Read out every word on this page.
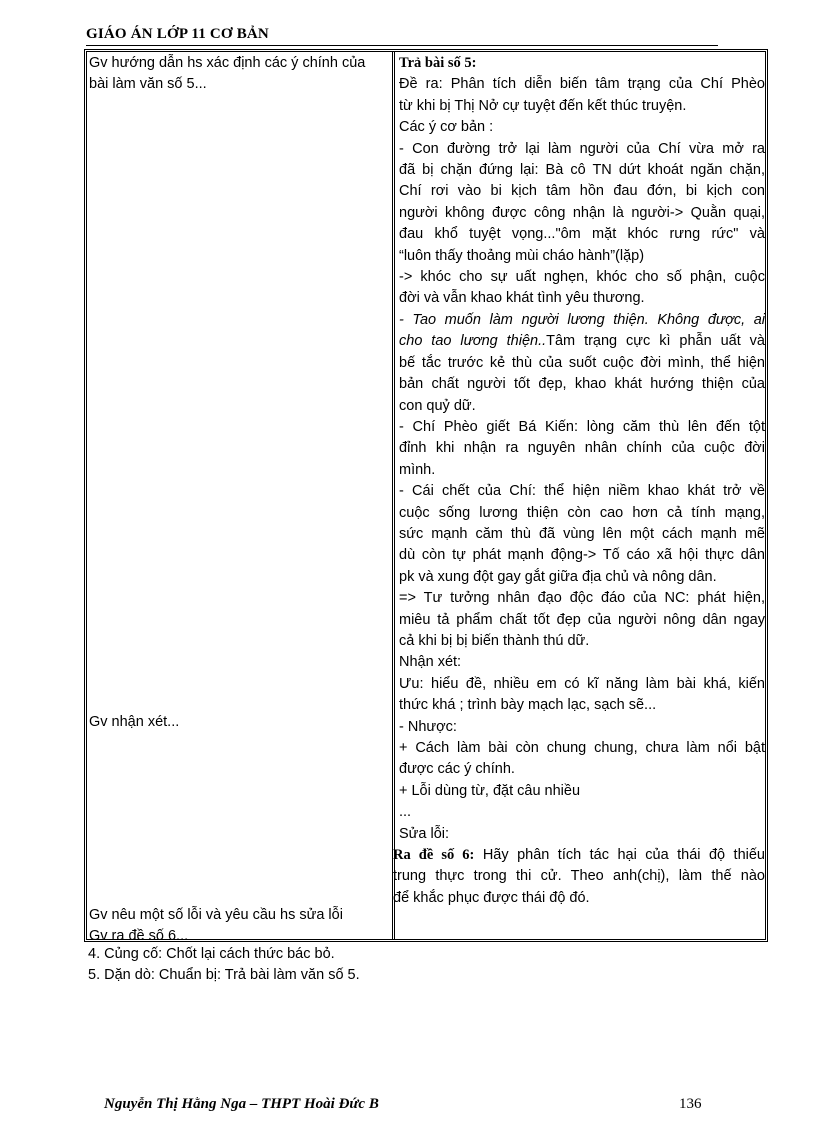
GIÁO ÁN LỚP 11 CƠ BẢN
Gv hướng dẫn hs xác định các ý chính của
bài làm văn số 5...
Gv nhận xét...
Gv nêu một số lỗi và yêu cầu hs sửa lỗi
Gv ra đề số 6...
Trả bài số 5:
Đề ra: Phân tích diễn biến tâm trạng của Chí Phèo
từ khi bị Thị Nở cự tuyệt đến kết thúc truyện.
Các ý cơ bản :
- Con đường trở lại làm người của Chí vừa mở ra
đã bị chặn đứng lại: Bà cô TN dứt khoát ngăn chặn,
Chí rơi vào bi kịch tâm hồn đau đớn, bi kịch con
người không được công nhận là người-> Quằn quại,
đau khổ tuyệt vọng..."ôm mặt khóc rưng rức" và
“luôn thấy thoảng mùi cháo hành”(lặp)
-> khóc cho sự uất nghẹn, khóc cho số phận, cuộc
đời và vẫn khao khát tình yêu thương.
- Tao muốn làm người lương thiện. Không được, ai
cho tao lương thiện..Tâm trạng cực kì phẫn uất và
bế tắc trước kẻ thù của suốt cuộc đời mình, thể hiện
bản chất người tốt đẹp, khao khát hướng thiện của
con quỷ dữ.
- Chí Phèo giết Bá Kiến: lòng căm thù lên đến tột
đỉnh khi nhận ra nguyên nhân chính của cuộc đời
mình.
- Cái chết của Chí: thể hiện niềm khao khát trở về
cuộc sống lương thiện còn cao hơn cả tính mạng,
sức mạnh căm thù đã vùng lên một cách mạnh mẽ
dù còn tự phát mạnh động-> Tố cáo xã hội thực dân
pk và xung đột gay gắt giữa địa chủ và nông dân.
=> Tư tưởng nhân đạo độc đáo của NC: phát hiện,
miêu tả phẩm chất tốt đẹp của người nông dân ngay
cả khi bị bị biến thành thú dữ.
Nhận xét:
Ưu: hiểu đề, nhiều em có kĩ năng làm bài khá, kiến
thức khá ; trình bày mạch lạc, sạch sẽ...
- Nhược:
+ Cách làm bài còn chung chung, chưa làm nổi bật
được các ý chính.
+ Lỗi dùng từ, đặt câu nhiều
...
Sửa lỗi:
Ra đề số 6: Hãy phân tích tác hại của thái độ thiếu
trung thực trong thi cử. Theo anh(chị), làm thế nào
để khắc phục được thái độ đó.
4. Củng cố: Chốt lại cách thức bác bỏ.
5. Dặn dò: Chuẩn bị: Trả bài làm văn số 5.
Nguyễn Thị Hằng Nga – THPT Hoài Đức B	136
